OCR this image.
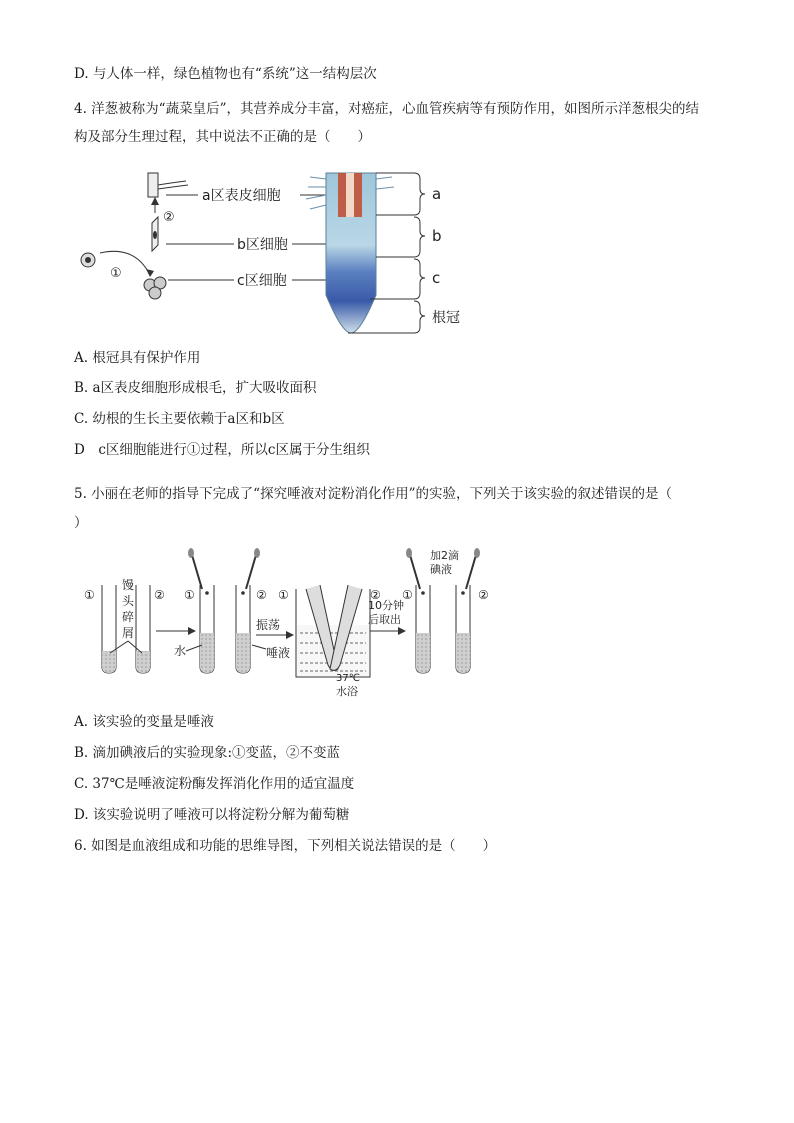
D. 与人体一样，绿色植物也有“系统”这一结构层次
4. 洋葱被称为“蔬菜皇后”，其营养成分丰富，对癌症，心血管疾病等有预防作用，如图所示洋葱根尖的结
构及部分生理过程，其中说法不正确的是（　　）
①
②
a区表皮细胞
b区细胞
c区细胞
a
b
c
根冠
A. 根冠具有保护作用
B. a区表皮细胞形成根毛，扩大吸收面积
C. 幼根的生长主要依赖于a区和b区
D　c区细胞能进行①过程，所以c区属于分生组织
5. 小丽在老师的指导下完成了“探究唾液对淀粉消化作用”的实验，下列关于该实验的叙述错误的是（
）
①	②
馒
头
碎
屑
①
水
②
唾液
振荡
①	②
37℃
水浴
10分钟
后取出
加2滴
碘液
①	②
A. 该实验的变量是唾液
B. 滴加碘液后的实验现象:①变蓝，②不变蓝
C. 37℃是唾液淀粉酶发挥消化作用的适宜温度
D. 该实验说明了唾液可以将淀粉分解为葡萄糖
6. 如图是血液组成和功能的思维导图，下列相关说法错误的是（　　）
